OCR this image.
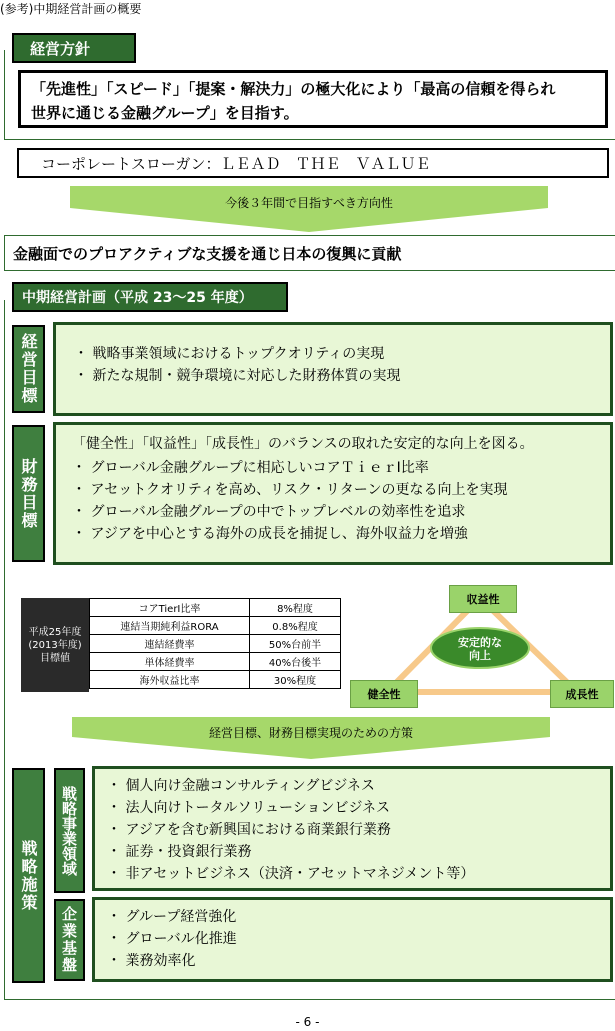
(参考)中期経営計画の概要
経営方針
「先進性」「スピード」「提案・解決力」の極大化により「最高の信頼を得られ
世界に通じる金融グループ」を目指す。
コーポレートスローガン：ＬＥＡＤ　ＴＨＥ　ＶＡＬＵＥ
今後３年間で目指すべき方向性
金融面でのプロアクティブな支援を通じ日本の復興に貢献
中期経営計画（平成 23～25 年度）
経営目標	・ 戦略事業領域におけるトップクオリティの実現
・ 新たな規制・競争環境に対応した財務体質の実現
財務目標
「健全性」「収益性」「成長性」のバランスの取れた安定的な向上を図る。
・ グローバル金融グループに相応しいコアＴｉｅｒⅠ比率
・ アセットクオリティを高め、リスク・リターンの更なる向上を実現
・ グローバル金融グループの中でトップレベルの効率性を追求
・ アジアを中心とする海外の成長を捕捉し、海外収益力を増強
平成25年度
(2013年度)
目標値
コアTierⅠ比率	8%程度
連結当期純利益RORA	0.8%程度
連結経費率	50%台前半
単体経費率	40%台後半
海外収益比率	30%程度
収益性
健全性	成長性
安定的な
向上
経営目標、財務目標実現のための方策
戦略施策 戦略事業領域 ・ 個人向け金融コンサルティングビジネス
・ 法人向けトータルソリューションビジネス
・ アジアを含む新興国における商業銀行業務
・ 証券・投資銀行業務
・ 非アセットビジネス（決済・アセットマネジメント等）
企業基盤 ・ グループ経営強化
・ グローバル化推進
・ 業務効率化
- 6 -
